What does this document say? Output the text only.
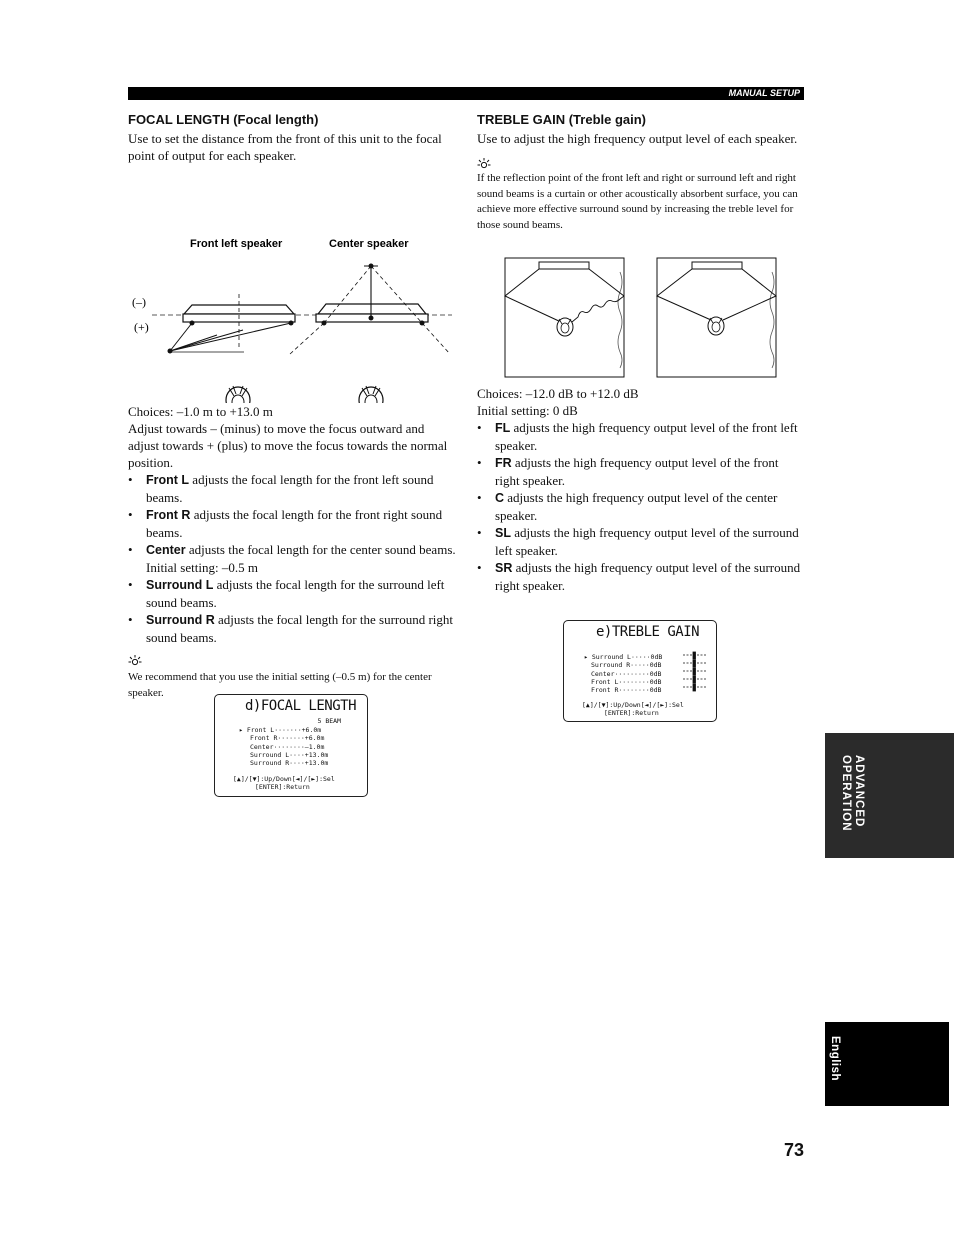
MANUAL SETUP
FOCAL LENGTH (Focal length)

Use to set the distance from the front of this unit to the focal point of output for each speaker.

Front left speaker	Center speaker
(–)
(+)

Choices: –1.0 m to +13.0 m

Adjust towards – (minus) to move the focus outward and adjust towards + (plus) to move the focus towards the normal position.

• Front L adjusts the focal length for the front left sound beams.
• Front R adjusts the focal length for the front right sound beams.
• Center adjusts the focal length for the center sound beams. Initial setting: –0.5 m
• Surround L adjusts the focal length for the surround left sound beams.
• Surround R adjusts the focal length for the surround right sound beams.

We recommend that you use the initial setting (–0.5 m) for the center speaker.

d)FOCAL LENGTH
5 BEAM
▸ Front L·······+6.0m
Front R·······+6.0m
Center········–1.0m
Surround L····+13.0m
Surround R····+13.0m
[▲]/[▼]:Up/Down[◄]/[►]:Sel
[ENTER]:Return
TREBLE GAIN (Treble gain)

Use to adjust the high frequency output level of each speaker.

If the reflection point of the front left and right or surround left and right sound beams is a curtain or other acoustically absorbent surface, you can achieve more effective surround sound by increasing the treble level for those sound beams.

Choices: –12.0 dB to +12.0 dB

Initial setting: 0 dB

• FL adjusts the high frequency output level of the front left speaker.
• FR adjusts the high frequency output level of the front right speaker.
• C adjusts the high frequency output level of the center speaker.
• SL adjusts the high frequency output level of the surround left speaker.
• SR adjusts the high frequency output level of the surround right speaker.
e)TREBLE GAIN
▸ Surround L·····0dB
Surround R·····0dB
Center·········0dB
Front L········0dB
Front R········0dB
[▲]/[▼]:Up/Down[◄]/[►]:Sel
[ENTER]:Return
ADVANCED
OPERATION
English
73
